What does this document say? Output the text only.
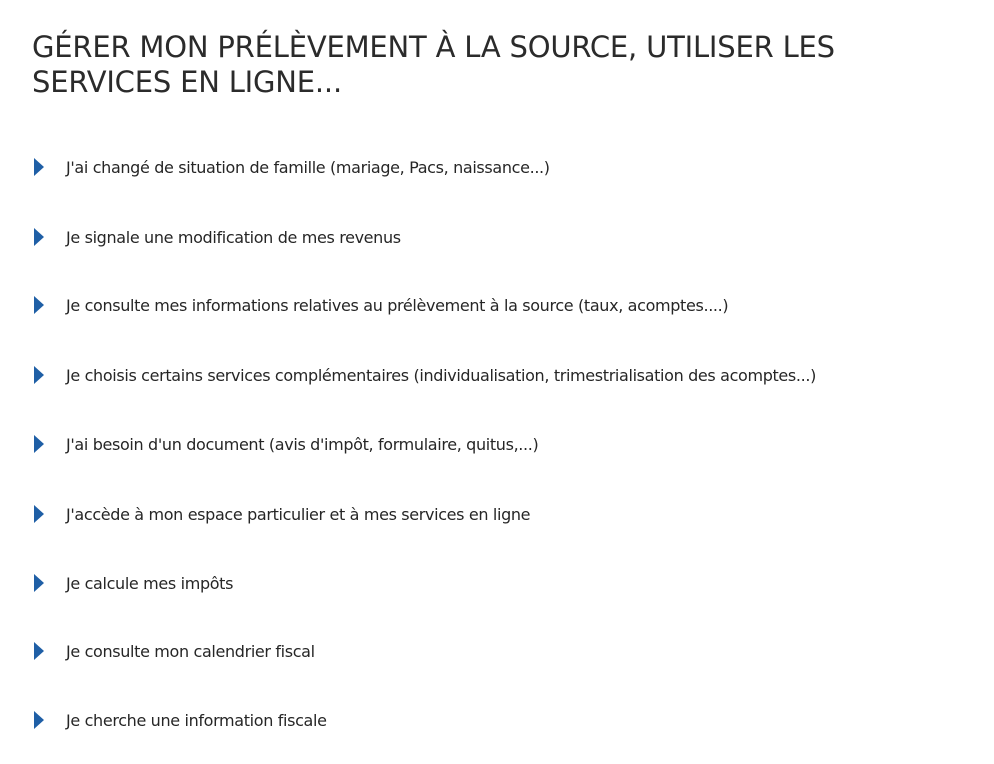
GÉRER MON PRÉLÈVEMENT À LA SOURCE, UTILISER LES SERVICES EN LIGNE...
J'ai changé de situation de famille (mariage, Pacs, naissance...)
Je signale une modification de mes revenus
Je consulte mes informations relatives au prélèvement à la source (taux, acomptes....)
Je choisis certains services complémentaires (individualisation, trimestrialisation des acomptes...)
J'ai besoin d'un document (avis d'impôt, formulaire, quitus,...)
J'accède à mon espace particulier et à mes services en ligne
Je calcule mes impôts
Je consulte mon calendrier fiscal
Je cherche une information fiscale
